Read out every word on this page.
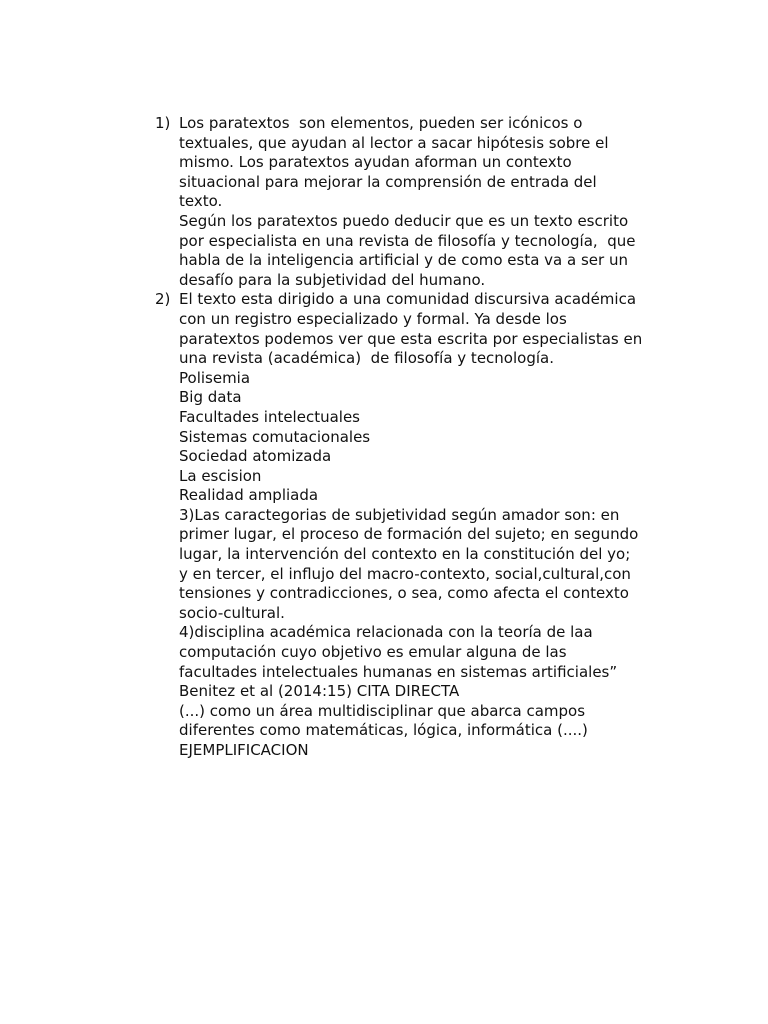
1) Los paratextos  son elementos, pueden ser icónicos o
textuales, que ayudan al lector a sacar hipótesis sobre el
mismo. Los paratextos ayudan aforman un contexto
situacional para mejorar la comprensión de entrada del
texto.
Según los paratextos puedo deducir que es un texto escrito
por especialista en una revista de filosofía y tecnología,  que
habla de la inteligencia artificial y de como esta va a ser un
desafío para la subjetividad del humano.
2) El texto esta dirigido a una comunidad discursiva académica
con un registro especializado y formal. Ya desde los
paratextos podemos ver que esta escrita por especialistas en
una revista (académica)  de filosofía y tecnología.
Polisemia
Big data
Facultades intelectuales
Sistemas comutacionales
Sociedad atomizada
La escision
Realidad ampliada
3)Las caractegorias de subjetividad según amador son: en
primer lugar, el proceso de formación del sujeto; en segundo
lugar, la intervención del contexto en la constitución del yo;
y en tercer, el influjo del macro-contexto, social,cultural,con
tensiones y contradicciones, o sea, como afecta el contexto
socio-cultural.
4)disciplina académica relacionada con la teoría de laa
computación cuyo objetivo es emular alguna de las
facultades intelectuales humanas en sistemas artificiales”
Benitez et al (2014:15) CITA DIRECTA
(...) como un área multidisciplinar que abarca campos
diferentes como matemáticas, lógica, informática (....)
EJEMPLIFICACION
